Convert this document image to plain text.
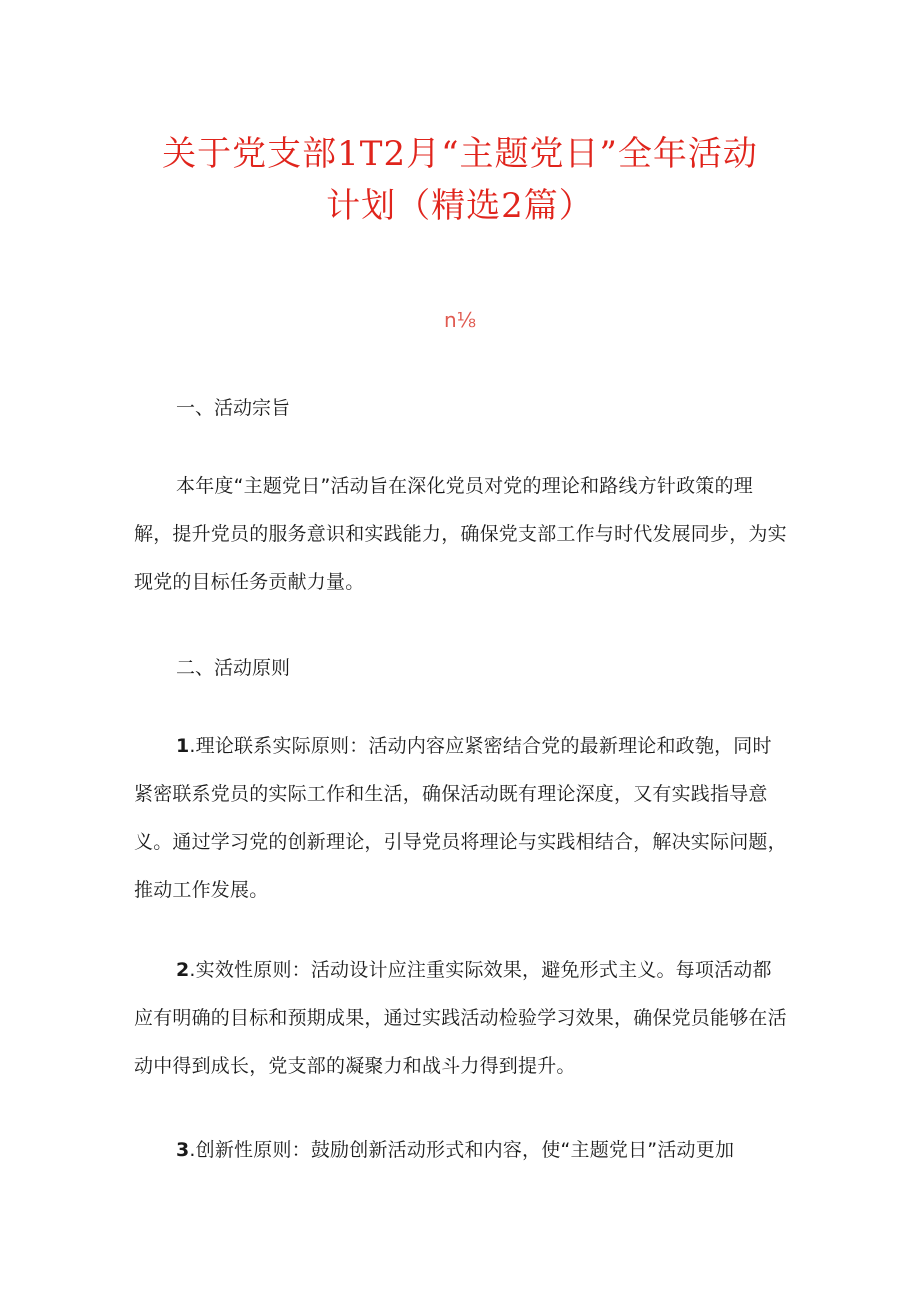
关于党支部1T2月“主题党日”全年活动
计划（精选2篇）
n⅛
一、活动宗旨
本年度“主题党日”活动旨在深化党员对党的理论和路线方针政策的理解，提升党员的服务意识和实践能力，确保党支部工作与时代发展同步，为实现党的目标任务贡献力量。
二、活动原则
1.理论联系实际原则：活动内容应紧密结合党的最新理论和政匏，同时紧密联系党员的实际工作和生活，确保活动既有理论深度，又有实践指导意义。通过学习党的创新理论，引导党员将理论与实践相结合，解决实际问题，推动工作发展。
2.实效性原则：活动设计应注重实际效果，避免形式主义。每项活动都应有明确的目标和预期成果，通过实践活动检验学习效果，确保党员能够在活动中得到成长，党支部的凝聚力和战斗力得到提升。
3.创新性原则：鼓励创新活动形式和内容，使“主题党日”活动更加
